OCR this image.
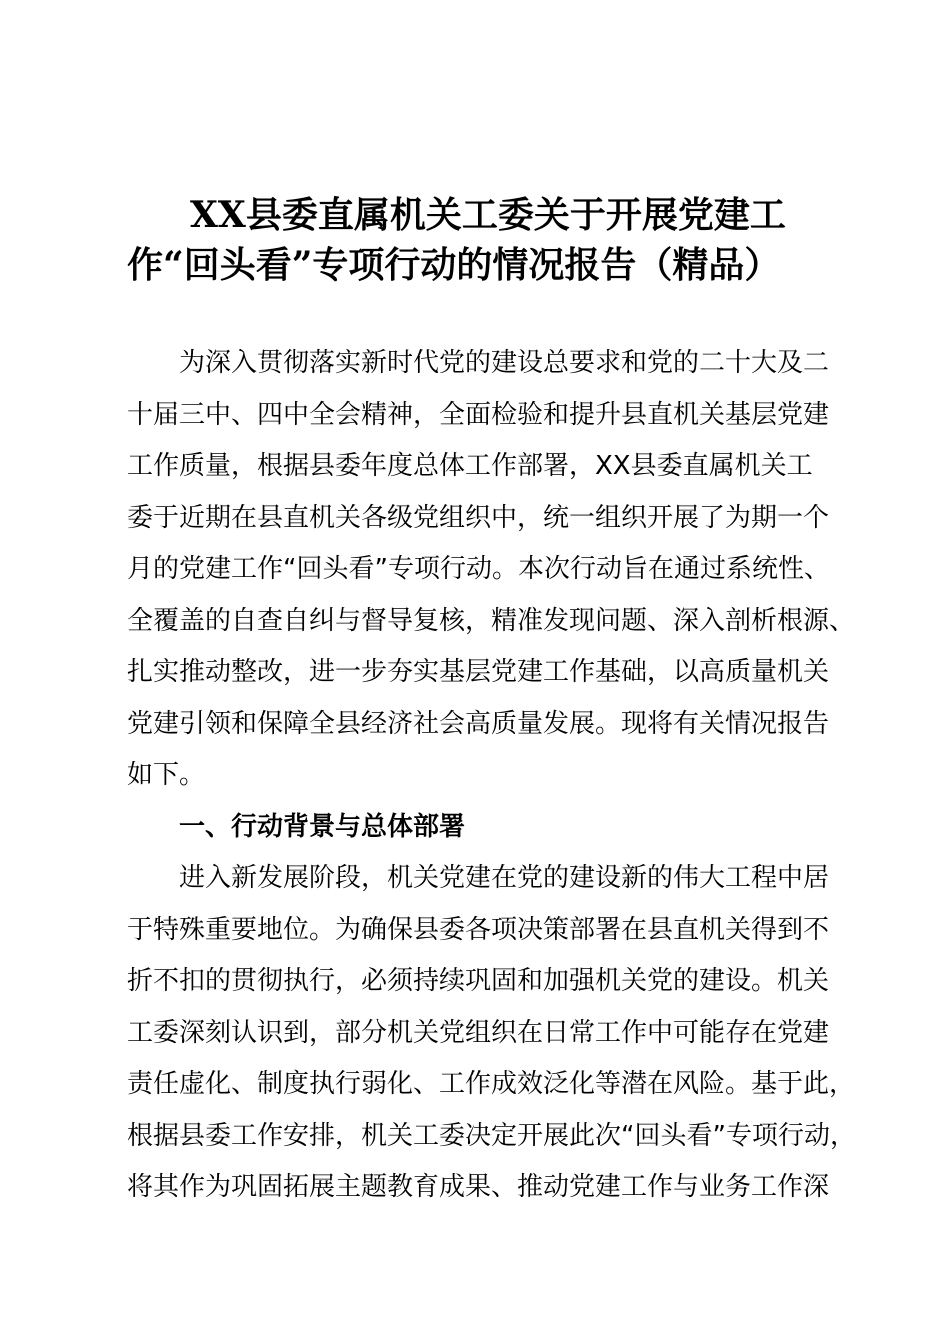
XX县委直属机关工委关于开展党建工
作“回头看”专项行动的情况报告（精品）
为深入贯彻落实新时代党的建设总要求和党的二十大及二
十届三中、四中全会精神，全面检验和提升县直机关基层党建
工作质量，根据县委年度总体工作部署，XX县委直属机关工
委于近期在县直机关各级党组织中，统一组织开展了为期一个
月的党建工作“回头看”专项行动。本次行动旨在通过系统性、
全覆盖的自查自纠与督导复核，精准发现问题、深入剖析根源、
扎实推动整改，进一步夯实基层党建工作基础，以高质量机关
党建引领和保障全县经济社会高质量发展。现将有关情况报告
如下。
一、行动背景与总体部署
进入新发展阶段，机关党建在党的建设新的伟大工程中居
于特殊重要地位。为确保县委各项决策部署在县直机关得到不
折不扣的贯彻执行，必须持续巩固和加强机关党的建设。机关
工委深刻认识到，部分机关党组织在日常工作中可能存在党建
责任虚化、制度执行弱化、工作成效泛化等潜在风险。基于此，
根据县委工作安排，机关工委决定开展此次“回头看”专项行动，
将其作为巩固拓展主题教育成果、推动党建工作与业务工作深
